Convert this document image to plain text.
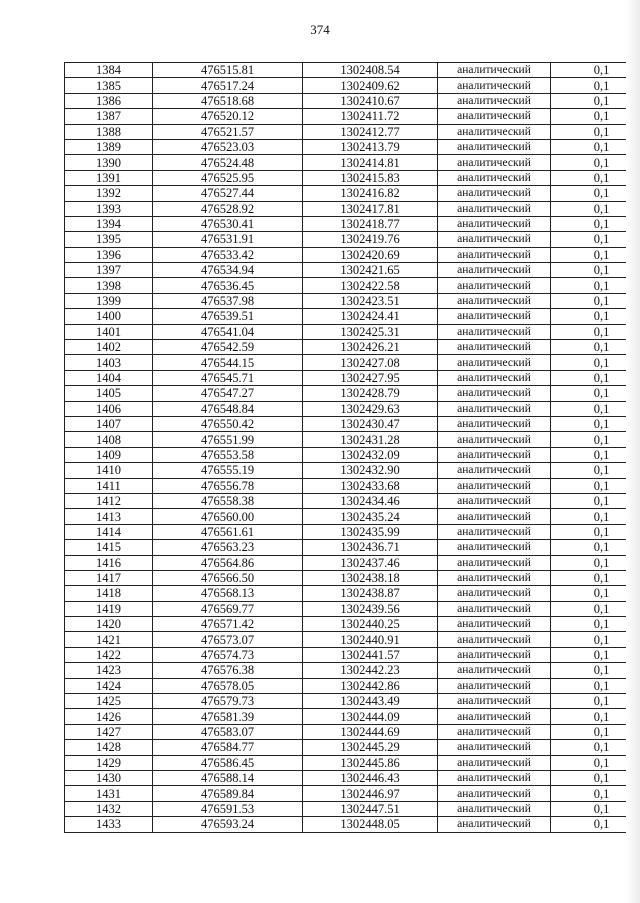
374
1384	476515.81	1302408.54	аналитический	0,1
1385	476517.24	1302409.62	аналитический	0,1
1386	476518.68	1302410.67	аналитический	0,1
1387	476520.12	1302411.72	аналитический	0,1
1388	476521.57	1302412.77	аналитический	0,1
1389	476523.03	1302413.79	аналитический	0,1
1390	476524.48	1302414.81	аналитический	0,1
1391	476525.95	1302415.83	аналитический	0,1
1392	476527.44	1302416.82	аналитический	0,1
1393	476528.92	1302417.81	аналитический	0,1
1394	476530.41	1302418.77	аналитический	0,1
1395	476531.91	1302419.76	аналитический	0,1
1396	476533.42	1302420.69	аналитический	0,1
1397	476534.94	1302421.65	аналитический	0,1
1398	476536.45	1302422.58	аналитический	0,1
1399	476537.98	1302423.51	аналитический	0,1
1400	476539.51	1302424.41	аналитический	0,1
1401	476541.04	1302425.31	аналитический	0,1
1402	476542.59	1302426.21	аналитический	0,1
1403	476544.15	1302427.08	аналитический	0,1
1404	476545.71	1302427.95	аналитический	0,1
1405	476547.27	1302428.79	аналитический	0,1
1406	476548.84	1302429.63	аналитический	0,1
1407	476550.42	1302430.47	аналитический	0,1
1408	476551.99	1302431.28	аналитический	0,1
1409	476553.58	1302432.09	аналитический	0,1
1410	476555.19	1302432.90	аналитический	0,1
1411	476556.78	1302433.68	аналитический	0,1
1412	476558.38	1302434.46	аналитический	0,1
1413	476560.00	1302435.24	аналитический	0,1
1414	476561.61	1302435.99	аналитический	0,1
1415	476563.23	1302436.71	аналитический	0,1
1416	476564.86	1302437.46	аналитический	0,1
1417	476566.50	1302438.18	аналитический	0,1
1418	476568.13	1302438.87	аналитический	0,1
1419	476569.77	1302439.56	аналитический	0,1
1420	476571.42	1302440.25	аналитический	0,1
1421	476573.07	1302440.91	аналитический	0,1
1422	476574.73	1302441.57	аналитический	0,1
1423	476576.38	1302442.23	аналитический	0,1
1424	476578.05	1302442.86	аналитический	0,1
1425	476579.73	1302443.49	аналитический	0,1
1426	476581.39	1302444.09	аналитический	0,1
1427	476583.07	1302444.69	аналитический	0,1
1428	476584.77	1302445.29	аналитический	0,1
1429	476586.45	1302445.86	аналитический	0,1
1430	476588.14	1302446.43	аналитический	0,1
1431	476589.84	1302446.97	аналитический	0,1
1432	476591.53	1302447.51	аналитический	0,1
1433	476593.24	1302448.05	аналитический	0,1
